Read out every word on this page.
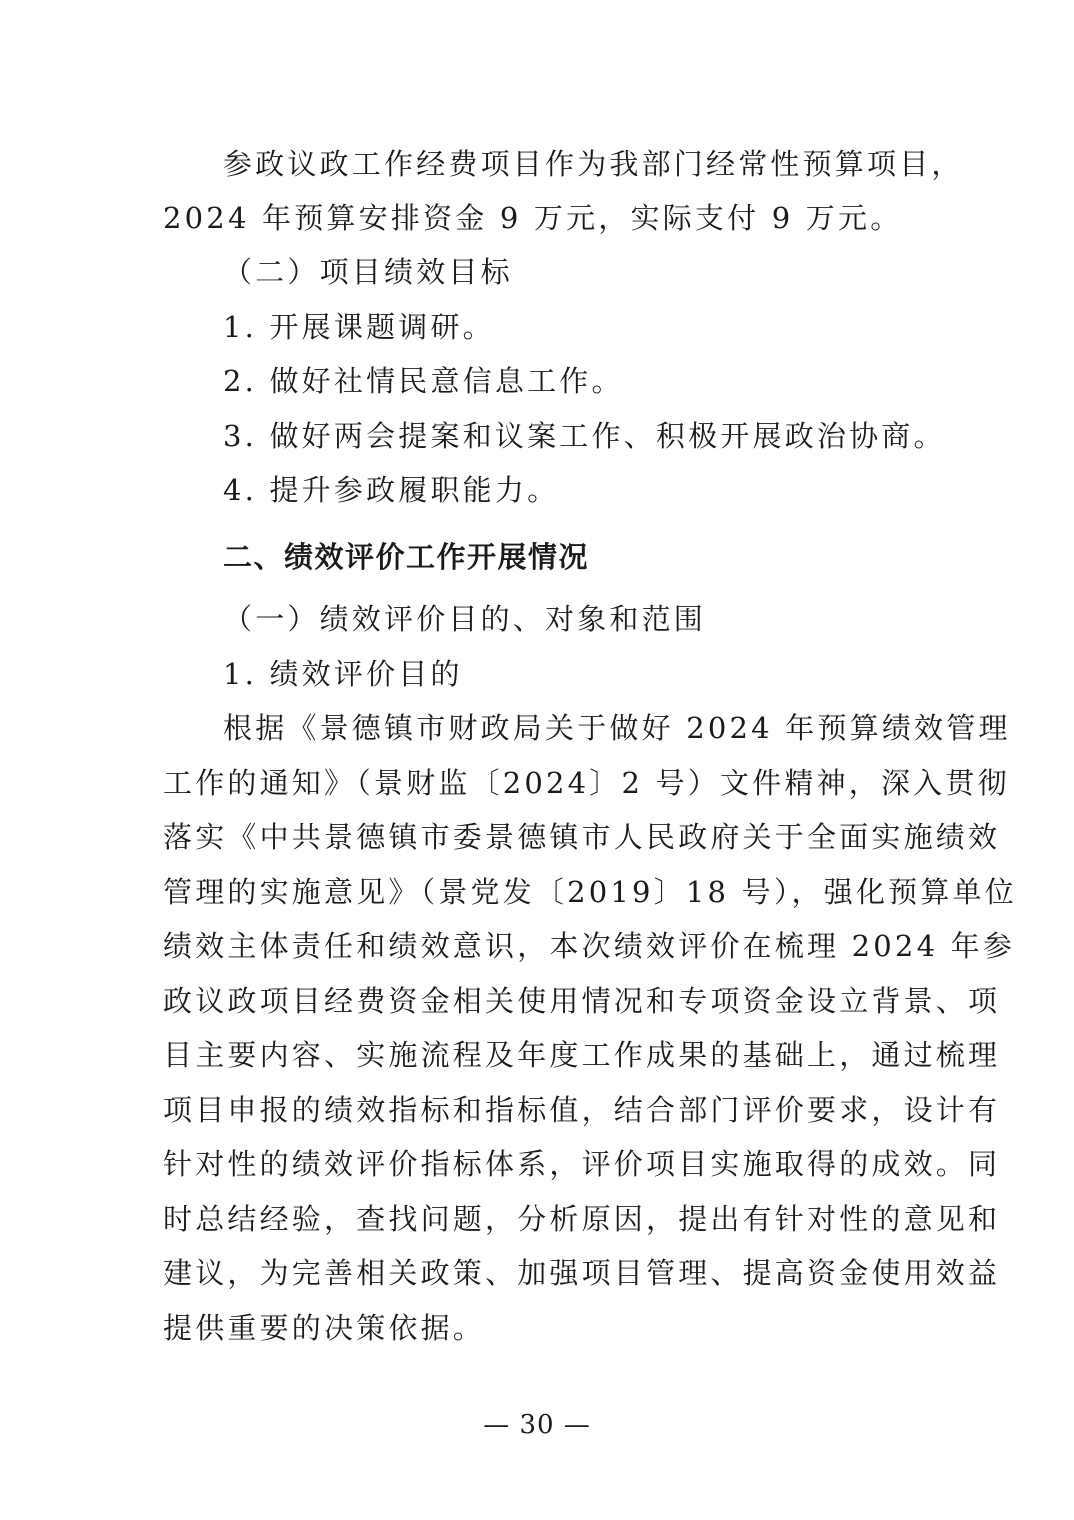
参政议政工作经费项目作为我部门经常性预算项目，
2024 年预算安排资金 9 万元，实际支付 9 万元。
（二）项目绩效目标
1. 开展课题调研。
2. 做好社情民意信息工作。
3. 做好两会提案和议案工作、积极开展政治协商。
4. 提升参政履职能力。
二、绩效评价工作开展情况
（一）绩效评价目的、对象和范围
1. 绩效评价目的
根据《景德镇市财政局关于做好 2024 年预算绩效管理
工作的通知》（景财监〔2024〕2 号）文件精神，深入贯彻
落实《中共景德镇市委景德镇市人民政府关于全面实施绩效
管理的实施意见》（景党发〔2019〕18 号），强化预算单位
绩效主体责任和绩效意识，本次绩效评价在梳理 2024 年参
政议政项目经费资金相关使用情况和专项资金设立背景、项
目主要内容、实施流程及年度工作成果的基础上，通过梳理
项目申报的绩效指标和指标值，结合部门评价要求，设计有
针对性的绩效评价指标体系，评价项目实施取得的成效。同
时总结经验，查找问题，分析原因，提出有针对性的意见和
建议，为完善相关政策、加强项目管理、提高资金使用效益
提供重要的决策依据。
— 30 —
